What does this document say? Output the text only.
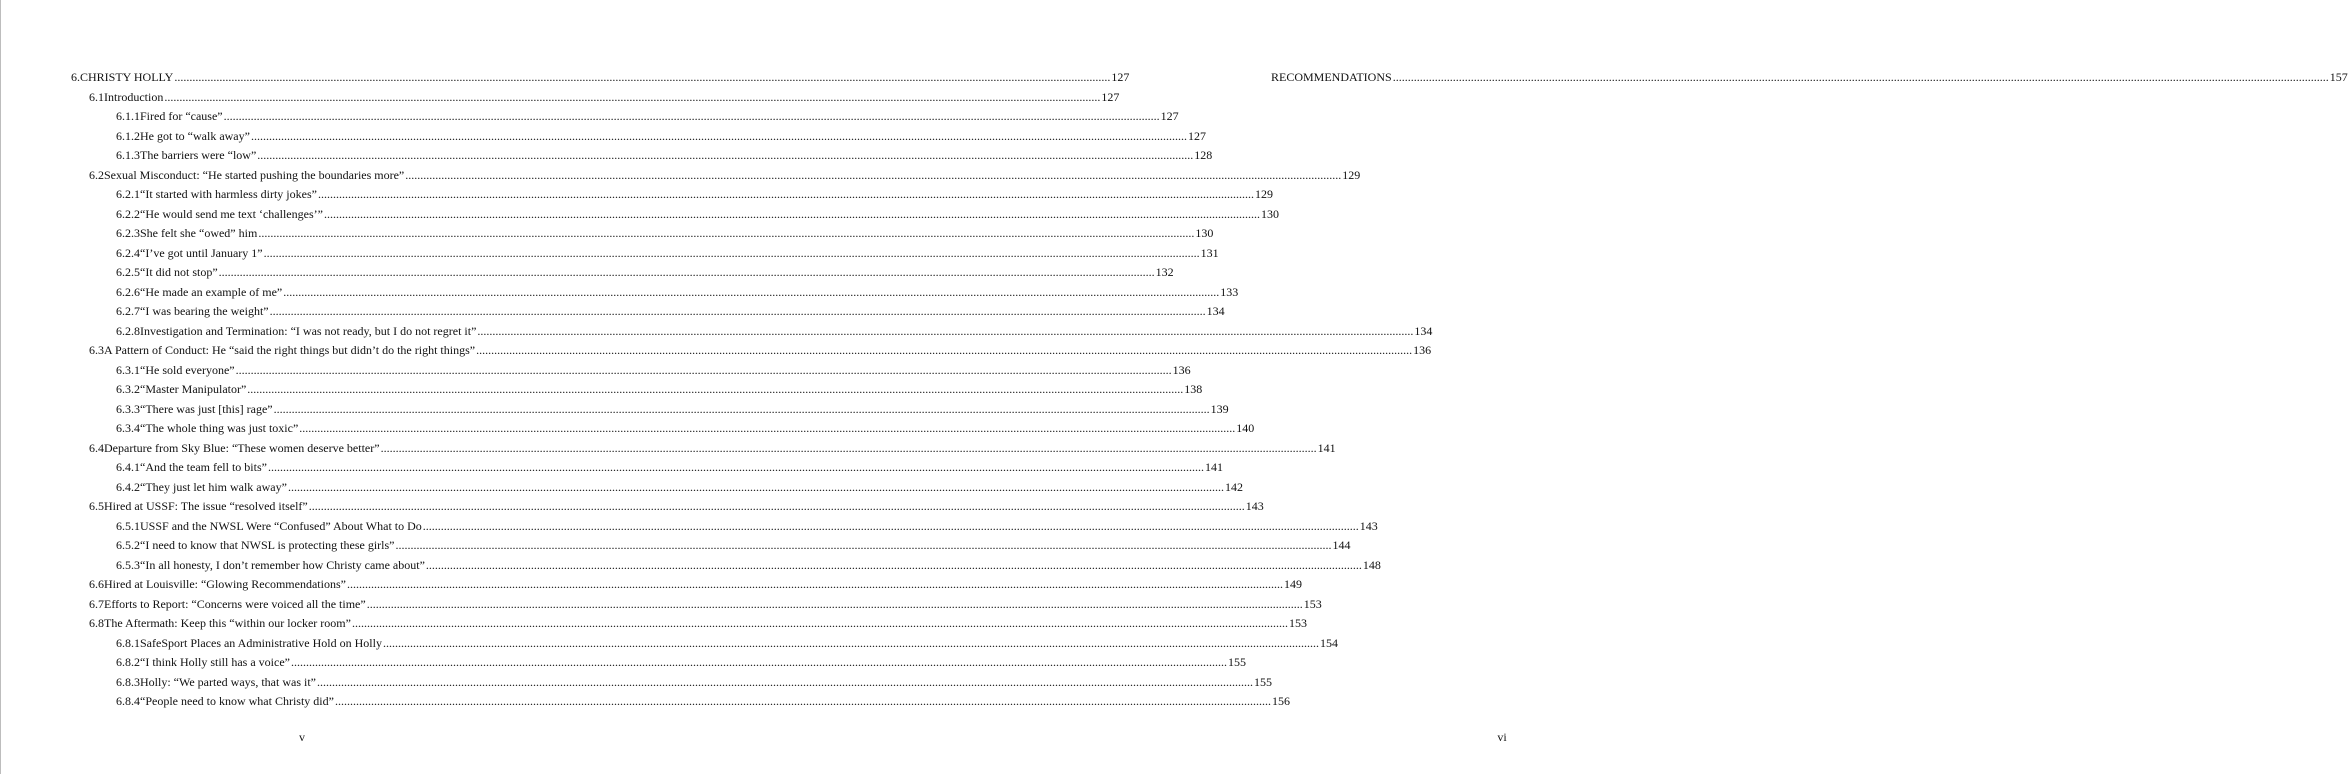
6. CHRISTY HOLLY .....	127
6.1 Introduction .....	127
6.1.1 Fired for “cause” .....	127
6.1.2 He got to “walk away” .....	127
6.1.3 The barriers were “low” .....	128
6.2 Sexual Misconduct: “He started pushing the boundaries more” .....	129
6.2.1 “It started with harmless dirty jokes” .....	129
6.2.2 “He would send me text ‘challenges’” .....	130
6.2.3 She felt she “owed” him .....	130
6.2.4 “I’ve got until January 1” .....	131
6.2.5 “It did not stop” .....	132
6.2.6 “He made an example of me” .....	133
6.2.7 “I was bearing the weight” .....	134
6.2.8 Investigation and Termination: “I was not ready, but I do not regret it” .....	134
6.3 A Pattern of Conduct: He “said the right things but didn’t do the right things” .....	136
6.3.1 “He sold everyone” .....	136
6.3.2 “Master Manipulator” .....	138
6.3.3 “There was just [this] rage” .....	139
6.3.4 “The whole thing was just toxic” .....	140
6.4 Departure from Sky Blue: “These women deserve better” .....	141
6.4.1 “And the team fell to bits” .....	141
6.4.2 “They just let him walk away” .....	142
6.5 Hired at USSF: The issue “resolved itself” .....	143
6.5.1 USSF and the NWSL Were “Confused” About What to Do .....	143
6.5.2 “I need to know that NWSL is protecting these girls” .....	144
6.5.3 “In all honesty, I don’t remember how Christy came about” .....	148
6.6 Hired at Louisville: “Glowing Recommendations” .....	149
6.7 Efforts to Report: “Concerns were voiced all the time” .....	153
6.8 The Aftermath: Keep this “within our locker room” .....	153
6.8.1 SafeSport Places an Administrative Hold on Holly .....	154
6.8.2 “I think Holly still has a voice” .....	155
6.8.3 Holly: “We parted ways, that was it” .....	155
6.8.4 “People need to know what Christy did” .....	156
v
RECOMMENDATIONS .....	157
vi
